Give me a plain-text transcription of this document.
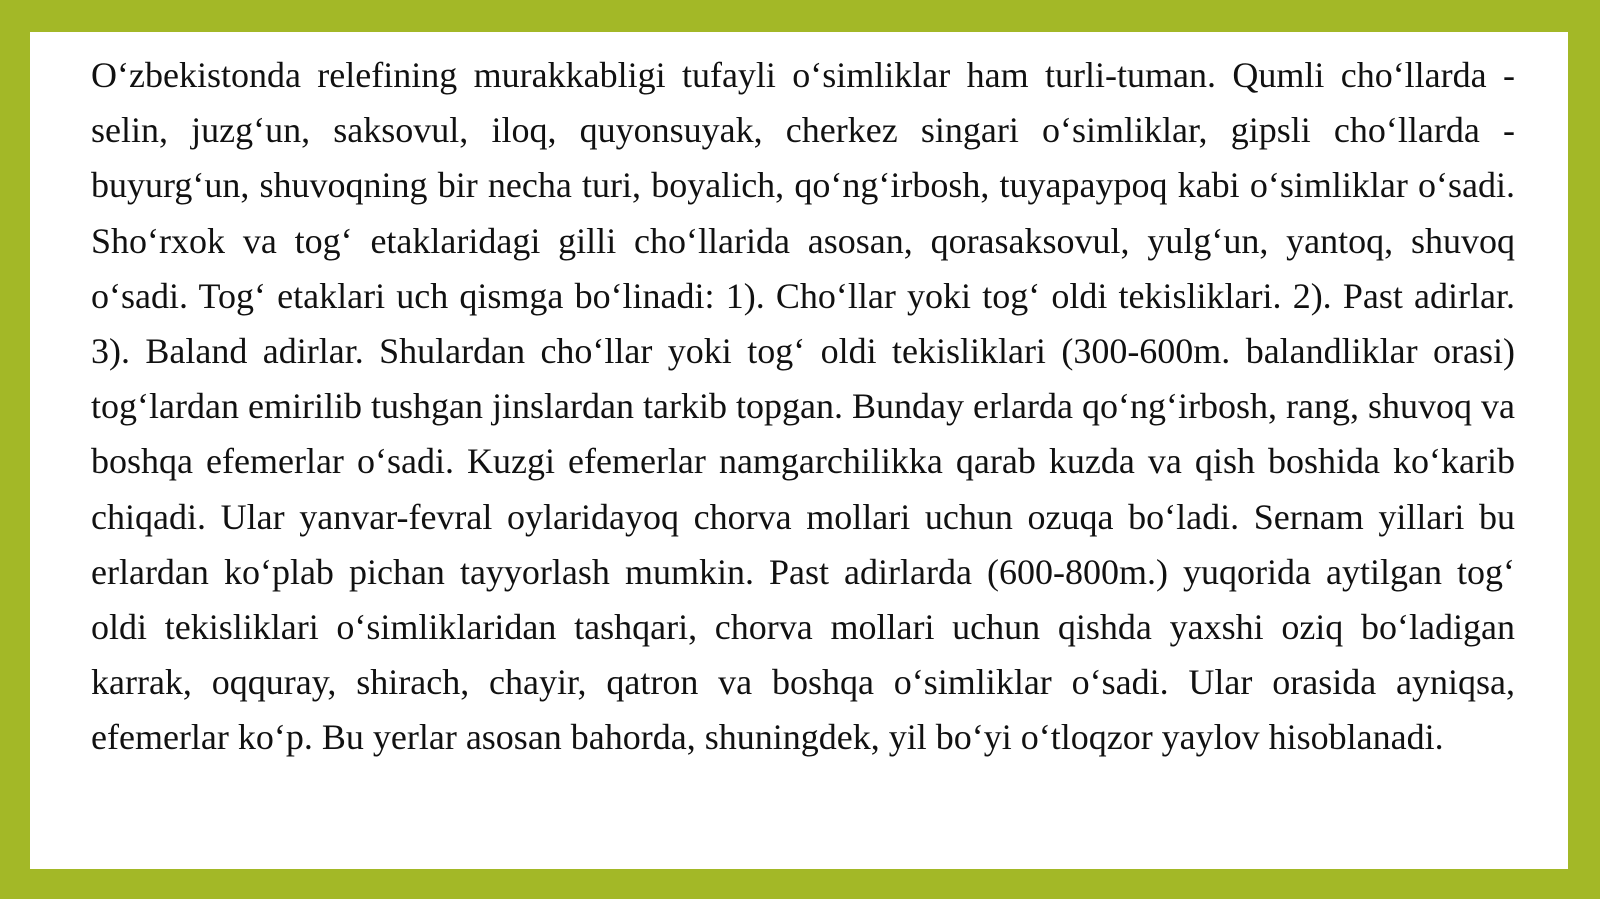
O‘zbekistonda relefining murakkabligi tufayli o‘simliklar ham turli-tuman. Qumli cho‘llarda - selin, juzg‘un, saksovul, iloq, quyonsuyak, cherkez singari o‘simliklar, gipsli cho‘llarda - buyurg‘un, shuvoqning bir necha turi, boyalich, qo‘ng‘irbosh, tuyapaypoq kabi o‘simliklar o‘sadi. Sho‘rxok va tog‘ etaklaridagi gilli cho‘llarida asosan, qorasaksovul, yulg‘un, yantoq, shuvoq o‘sadi. Tog‘ etaklari uch qismga bo‘linadi: 1). Cho‘llar yoki tog‘ oldi tekisliklari. 2). Past adirlar. 3). Baland adirlar. Shulardan cho‘llar yoki tog‘ oldi tekisliklari (300-600m. balandliklar orasi) tog‘lardan emirilib tushgan jinslardan tarkib topgan. Bunday erlarda qo‘ng‘irbosh, rang, shuvoq va boshqa efemerlar o‘sadi. Kuzgi efemerlar namgarchilikka qarab kuzda va qish boshida ko‘karib chiqadi. Ular yanvar-fevral oylaridayoq chorva mollari uchun ozuqa bo‘ladi. Sernam yillari bu erlardan ko‘plab pichan tayyorlash mumkin. Past adirlarda (600-800m.) yuqorida aytilgan tog‘ oldi tekisliklari o‘simliklaridan tashqari, chorva mollari uchun qishda yaxshi oziq bo‘ladigan karrak, oqquray, shirach, chayir, qatron va boshqa o‘simliklar o‘sadi. Ular orasida ayniqsa, efemerlar ko‘p. Bu yerlar asosan bahorda, shuningdek, yil bo‘yi o‘tloqzor yaylov hisoblanadi.
